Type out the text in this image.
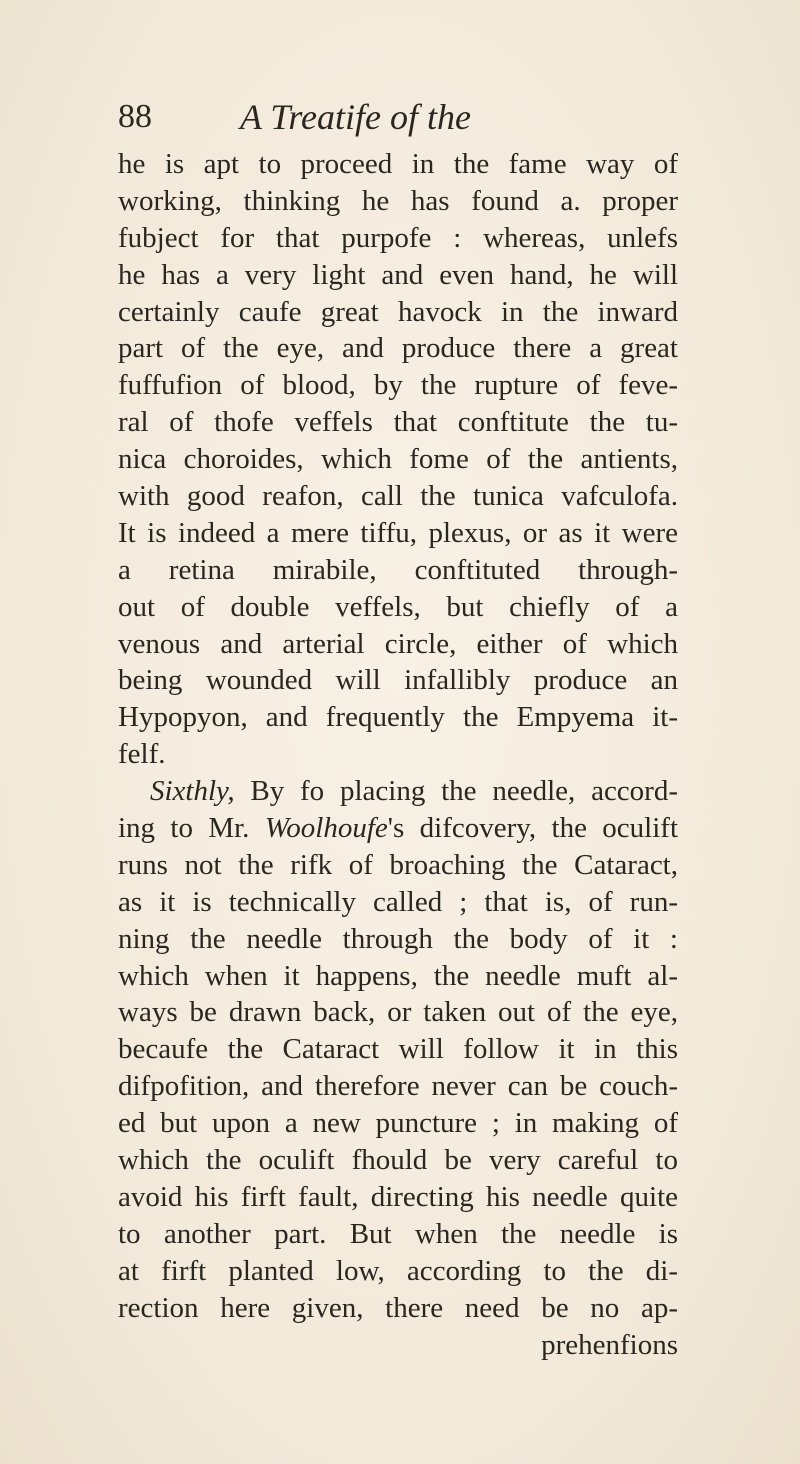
88 A Treatife of the
he is apt to proceed in the fame way of
working, thinking he has found a. proper
fubject for that purpofe : whereas, unlefs
he has a very light and even hand, he will
certainly caufe great havock in the inward
part of the eye, and produce there a great
fuffufion of blood, by the rupture of feve-
ral of thofe veffels that conftitute the tu-
nica choroides, which fome of the antients,
with good reafon, call the tunica vafculofa.
It is indeed a mere tiffu, plexus, or as it were
a retina mirabile, conftituted through-
out of double veffels, but chiefly of a
venous and arterial circle, either of which
being wounded will infallibly produce an
Hypopyon, and frequently the Empyema it-
felf.
Sixthly, By fo placing the needle, accord-
ing to Mr. Woolhoufe's difcovery, the oculift
runs not the rifk of broaching the Cataract,
as it is technically called ; that is, of run-
ning the needle through the body of it :
which when it happens, the needle muft al-
ways be drawn back, or taken out of the eye,
becaufe the Cataract will follow it in this
difpofition, and therefore never can be couch-
ed but upon a new puncture ; in making of
which the oculift fhould be very careful to
avoid his firft fault, directing his needle quite
to another part. But when the needle is
at firft planted low, according to the di-
rection here given, there need be no ap-
prehenfions
